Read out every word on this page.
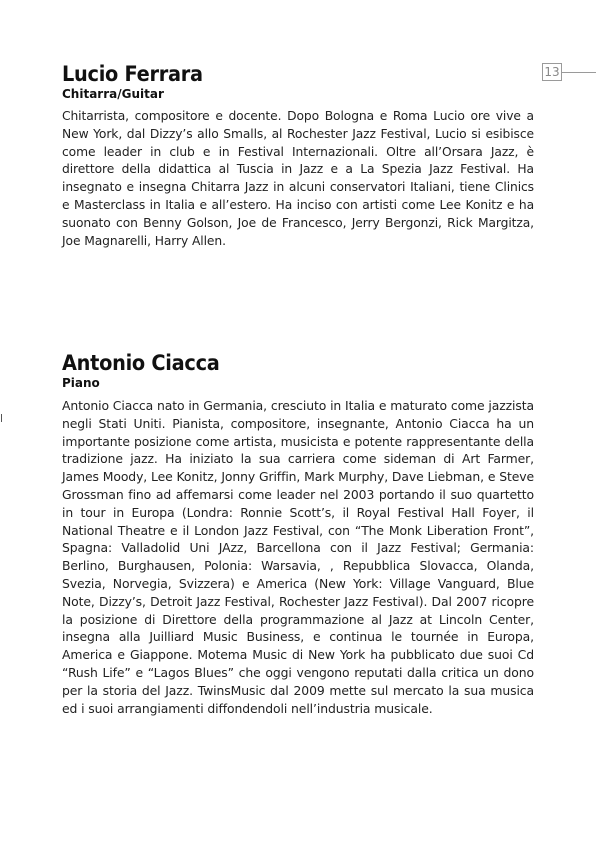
13
Lucio Ferrara
Chitarra/Guitar

Chitarrista, compositore e docente. Dopo Bologna e Roma Lucio ore vive a New York, dal Dizzy’s allo Smalls, al Rochester Jazz Festival, Lucio si esibisce come leader in club e in Festival Internazionali. Oltre all’Orsara Jazz, è direttore della didattica al Tuscia in Jazz e a La Spezia Jazz Festival. Ha insegnato e insegna Chitarra Jazz in alcuni conservatori Italiani, tiene Clinics e Masterclass in Italia e all’estero. Ha inciso con artisti come Lee Konitz e ha suonato con Benny Golson, Joe de Francesco, Jerry Bergonzi, Rick Margitza, Joe Magnarelli, Harry Allen.

Antonio Ciacca
Piano

Antonio Ciacca nato in Germania, cresciuto in Italia e maturato come jazzista negli Stati Uniti. Pianista, compositore, insegnante, Antonio Ciacca ha un importante posizione come artista, musicista e potente rappresentante della tradizione jazz. Ha iniziato la sua carriera come sideman di Art Farmer, James Moody, Lee Konitz, Jonny Griffin, Mark Murphy, Dave Liebman, e Steve Grossman fino ad affemarsi come leader nel 2003 portando il suo quartetto in tour in Europa (Londra: Ronnie Scott’s, il Royal Festival Hall Foyer, il National Theatre e il London Jazz Festival, con “The Monk Liberation Front”, Spagna: Valladolid Uni JAzz, Barcellona con il Jazz Festival; Germania: Berlino, Burghausen, Polonia: Warsavia, , Repubblica Slovacca, Olanda, Svezia, Norvegia, Svizzera) e America (New York: Village Vanguard, Blue Note, Dizzy’s, Detroit Jazz Festival, Rochester Jazz Festival). Dal 2007 ricopre la posizione di Direttore della programmazione al Jazz at Lincoln Center, insegna alla Juilliard Music Business, e continua le tournée in Europa, America e Giappone. Motema Music di New York ha pubblicato due suoi Cd “Rush Life” e “Lagos Blues” che oggi vengono reputati dalla critica un dono per la storia del Jazz. TwinsMusic dal 2009 mette sul mercato la sua musica ed i suoi arrangiamenti diffondendoli nell’industria musicale.
